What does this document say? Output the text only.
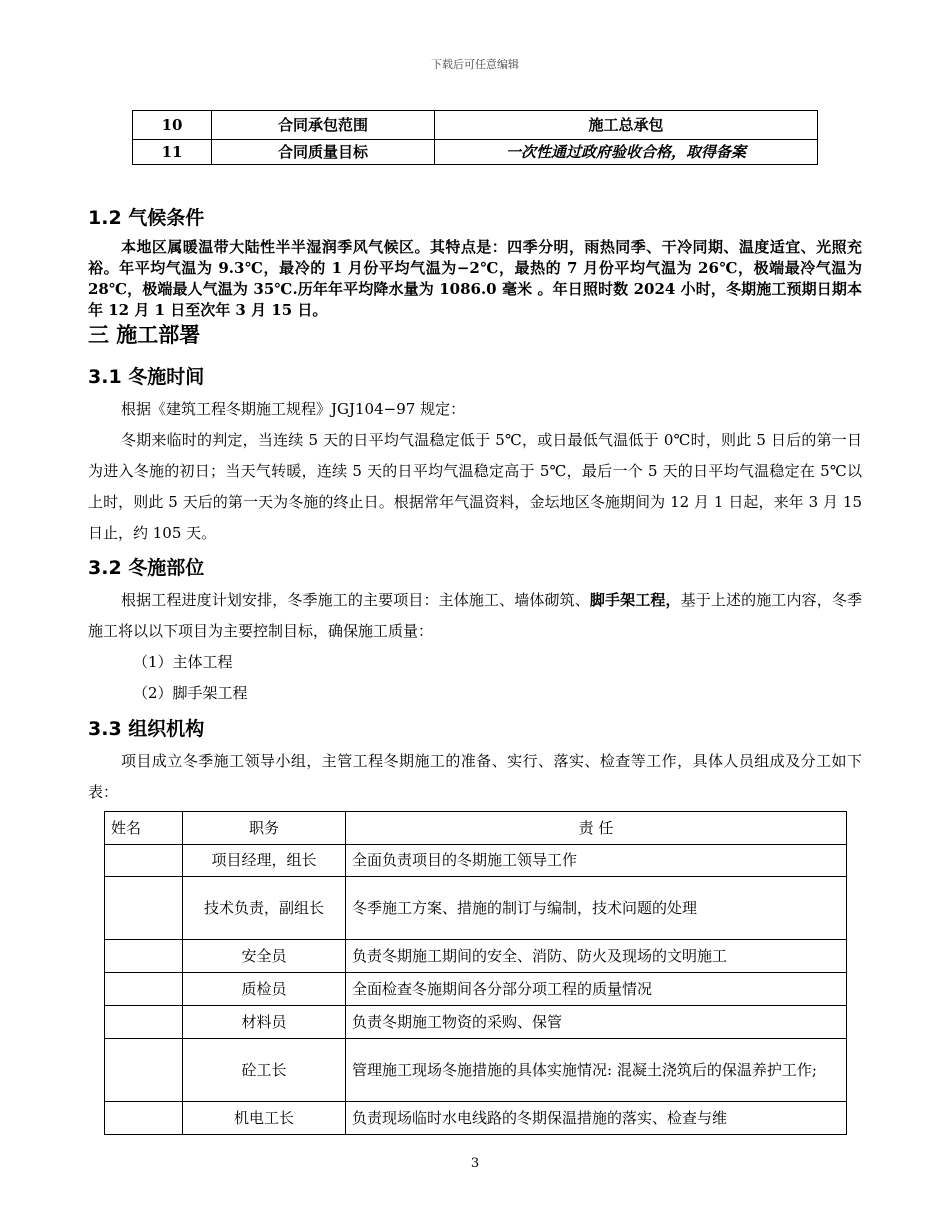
下载后可任意编辑
10	合同承包范围	施工总承包
11	合同质量目标	一次性通过政府验收合格，取得备案
1.2 气候条件
本地区属暖温带大陆性半半湿润季风气候区。其特点是：四季分明，雨热同季、干冷同期、温度适宜、光照充裕。年平均气温为 9.3℃，最冷的 1 月份平均气温为−2℃，最热的 7 月份平均气温为 26℃，极端最冷气温为 28℃，极端最人气温为 35℃.历年年平均降水量为 1086.0 毫米 。年日照时数 2024 小时，冬期施工预期日期本年 12 月 1 日至次年 3 月 15 日。
三 施工部署
3.1 冬施时间
根据《建筑工程冬期施工规程》JGJ104−97 规定：
冬期来临时的判定，当连续 5 天的日平均气温稳定低于 5℃，或日最低气温低于 0℃时，则此 5 日后的第一日为进入冬施的初日；当天气转暖，连续 5 天的日平均气温稳定高于 5℃，最后一个 5 天的日平均气温稳定在 5℃以上时，则此 5 天后的第一天为冬施的终止日。根据常年气温资料，金坛地区冬施期间为 12 月 1 日起，来年 3 月 15 日止，约 105 天。
3.2 冬施部位
根据工程进度计划安排，冬季施工的主要项目：主体施工、墙体砌筑、脚手架工程，基于上述的施工内容，冬季施工将以以下项目为主要控制目标，确保施工质量：
（1）主体工程
（2）脚手架工程
3.3 组织机构
项目成立冬季施工领导小组，主管工程冬期施工的准备、实行、落实、检查等工作，具体人员组成及分工如下表：
姓名	职务	责 任
	项目经理，组长	全面负责项目的冬期施工领导工作
	技术负责，副组长	冬季施工方案、措施的制订与编制，技术问题的处理
	安全员	负责冬期施工期间的安全、消防、防火及现场的文明施工
	质检员	全面检查冬施期间各分部分项工程的质量情况
	材料员	负责冬期施工物资的采购、保管
	砼工长	管理施工现场冬施措施的具体实施情况: 混凝土浇筑后的保温养护工作;
	机电工长	负责现场临时水电线路的冬期保温措施的落实、检查与维
3
